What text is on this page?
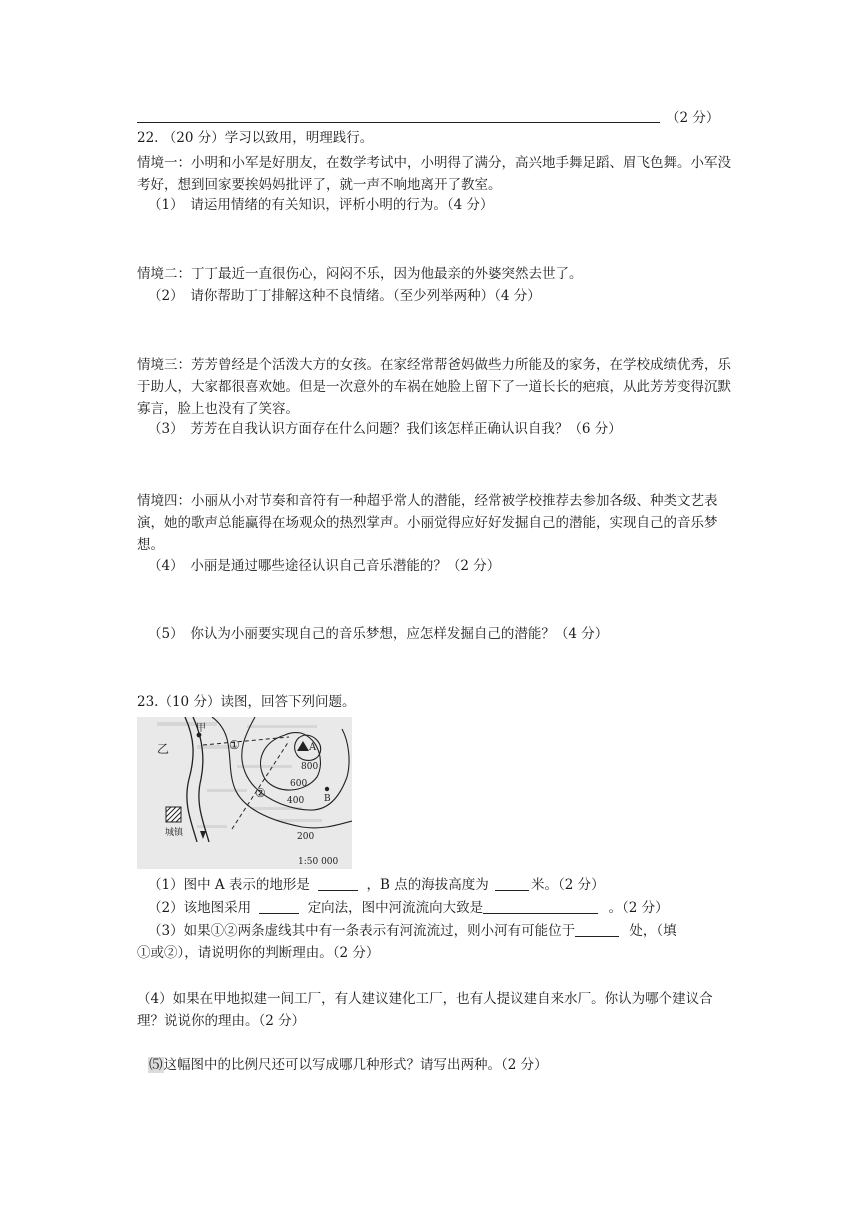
（2 分）
22. （20 分）学习以致用，明理践行。
情境一：小明和小军是好朋友，在数学考试中，小明得了满分，高兴地手舞足蹈、眉飞色舞。小军没考好，想到回家要挨妈妈批评了，就一声不响地离开了教室。
（1）　请运用情绪的有关知识，评析小明的行为。（4 分）
情境二：丁丁最近一直很伤心，闷闷不乐，因为他最亲的外婆突然去世了。
（2）　请你帮助丁丁排解这种不良情绪。（至少列举两种）（4 分）
情境三：芳芳曾经是个活泼大方的女孩。在家经常帮爸妈做些力所能及的家务，在学校成绩优秀，乐于助人，大家都很喜欢她。但是一次意外的车祸在她脸上留下了一道长长的疤痕，从此芳芳变得沉默寡言，脸上也没有了笑容。
（3）　芳芳在自我认识方面存在什么问题？我们该怎样正确认识自我？（6 分）
情境四：小丽从小对节奏和音符有一种超乎常人的潜能，经常被学校推荐去参加各级、种类文艺表演，她的歌声总能赢得在场观众的热烈掌声。小丽觉得应好好发掘自己的潜能，实现自己的音乐梦想。
（4）　小丽是通过哪些途径认识自己音乐潜能的？（2 分）
（5）　你认为小丽要实现自己的音乐梦想，应怎样发掘自己的潜能？（4 分）
23.（10 分）读图，回答下列问题。
甲
乙	A
B
①
②
800
600
400
200
城镇
1:50 000
（1）图中 A 表示的地形是	，B 点的海拔高度为	米。（2 分）
（2）该地图采用	定向法，图中河流流向大致是	。（2 分）
（3）如果①②两条虚线其中有一条表示有河流流过，则小河有可能位于	处，（填
①或②），请说明你的判断理由。（2 分）
（4）如果在甲地拟建一间工厂，有人建议建化工厂，也有人提议建自来水厂。你认为哪个建议合理？说说你的理由。（2 分）
⑸这幅图中的比例尺还可以写成哪几种形式？请写出两种。（2 分）
